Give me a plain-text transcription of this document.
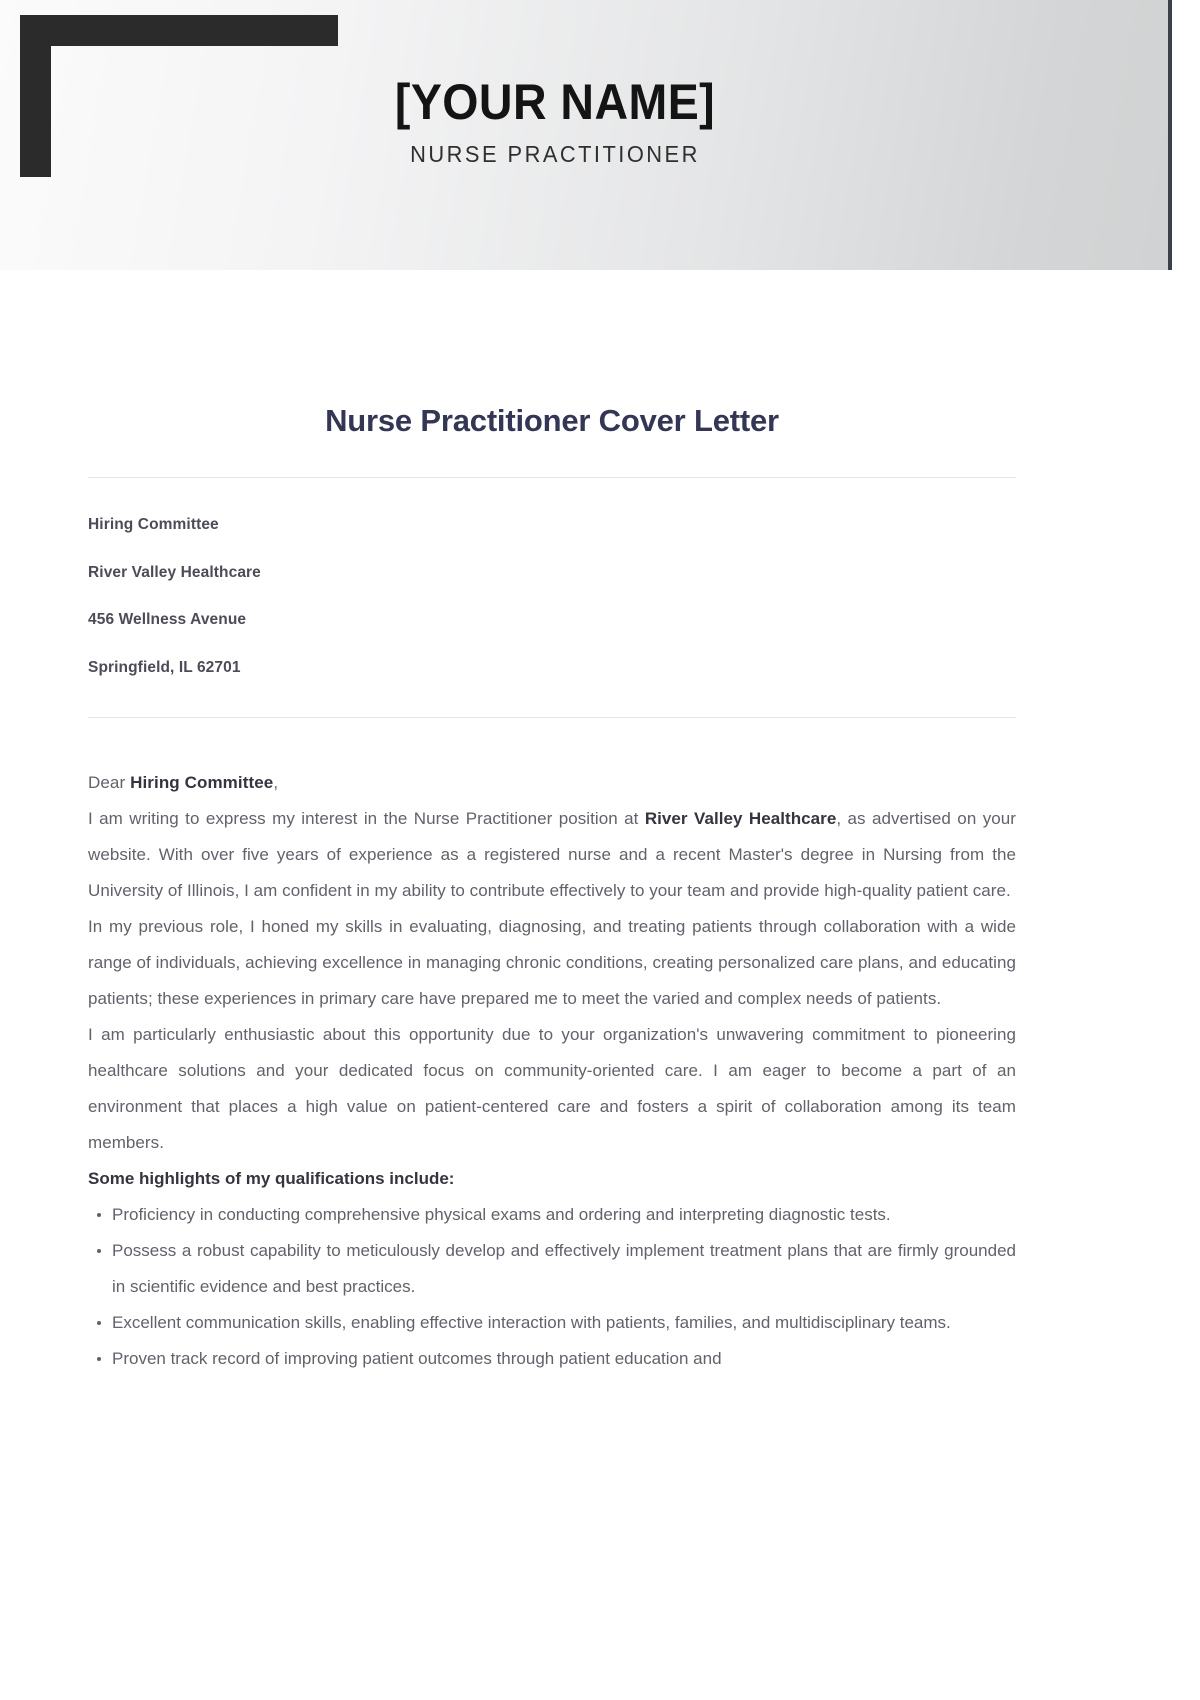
[YOUR NAME]
NURSE PRACTITIONER
Nurse Practitioner Cover Letter
Hiring Committee
River Valley Healthcare
456 Wellness Avenue
Springfield, IL 62701
Dear Hiring Committee,

I am writing to express my interest in the Nurse Practitioner position at River Valley Healthcare, as advertised on your website. With over five years of experience as a registered nurse and a recent Master's degree in Nursing from the University of Illinois, I am confident in my ability to contribute effectively to your team and provide high-quality patient care.

In my previous role, I honed my skills in evaluating, diagnosing, and treating patients through collaboration with a wide range of individuals, achieving excellence in managing chronic conditions, creating personalized care plans, and educating patients; these experiences in primary care have prepared me to meet the varied and complex needs of patients.

I am particularly enthusiastic about this opportunity due to your organization's unwavering commitment to pioneering healthcare solutions and your dedicated focus on community-oriented care. I am eager to become a part of an environment that places a high value on patient-centered care and fosters a spirit of collaboration among its team members.

Some highlights of my qualifications include:

Proficiency in conducting comprehensive physical exams and ordering and interpreting diagnostic tests.
Possess a robust capability to meticulously develop and effectively implement treatment plans that are firmly grounded in scientific evidence and best practices.
Excellent communication skills, enabling effective interaction with patients, families, and multidisciplinary teams.
Proven track record of improving patient outcomes through patient education and
